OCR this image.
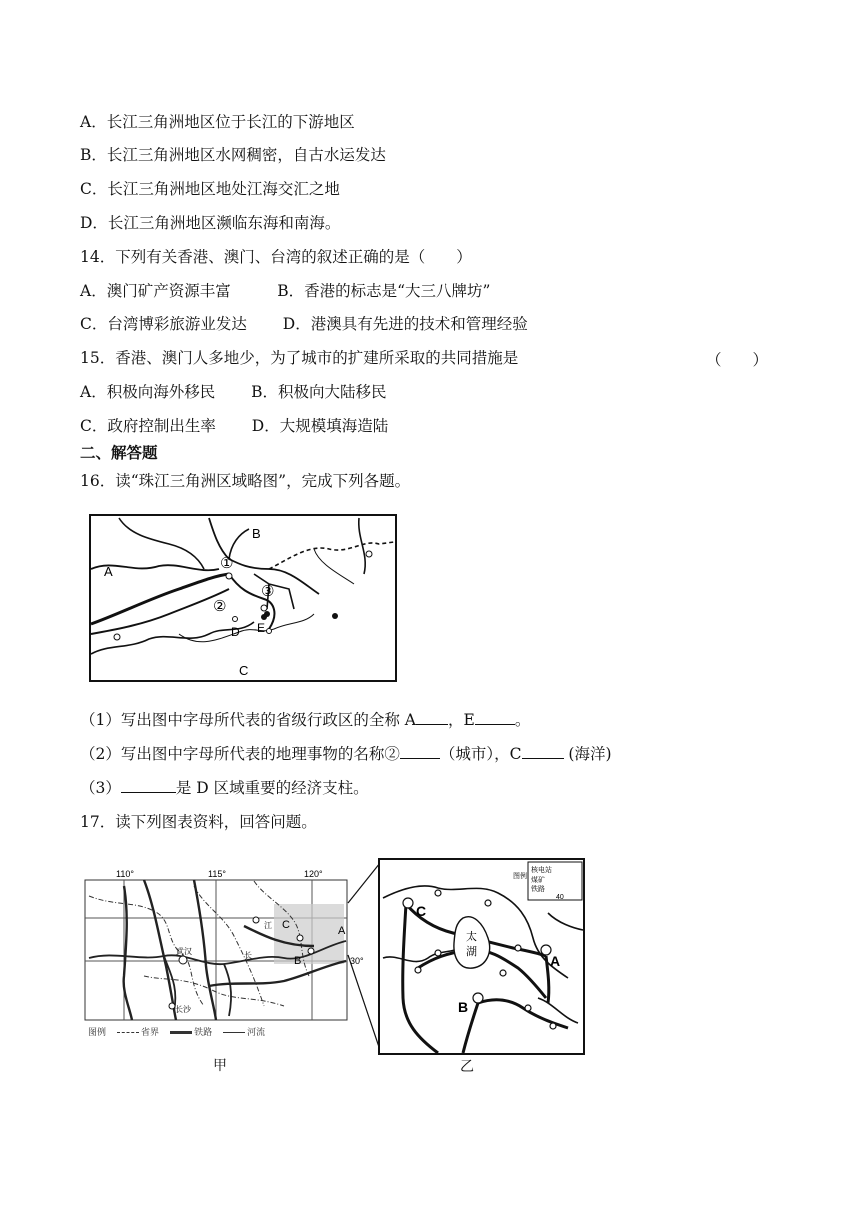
A．长江三角洲地区位于长江的下游地区
B．长江三角洲地区水网稠密，自古水运发达
C．长江三角洲地区地处江海交汇之地
D．长江三角洲地区濒临东海和南海。
14．下列有关香港、澳门、台湾的叙述正确的是（　　）
A．澳门矿产资源丰富　　　B．香港的标志是“大三八牌坊”
C．台湾博彩旅游业发达　　 D．港澳具有先进的技术和管理经验
15．香港、澳门人多地少，为了城市的扩建所采取的共同措施是	（　　）
A．积极向海外移民　　 B．积极向大陆移民
C．政府控制出生率　　 D．大规模填海造陆
二、解答题
16．读“珠江三角洲区域略图”，完成下列各题。
B
A
C
D E
①
②
③
（1）写出图中字母所代表的省级行政区的全称 A ，E	。
（2）写出图中字母所代表的地理事物的名称②	（城市），C	(海洋)
（3）	是 D 区域重要的经济支柱。
17．读下列图表资料，回答问题。
110°	115°	120°
30°
武汉
长沙
长
江	A
B
C
图例	省界	铁路	河流
甲
核电站
煤矿
铁路
图例
40
太
湖
C
A
B
乙
